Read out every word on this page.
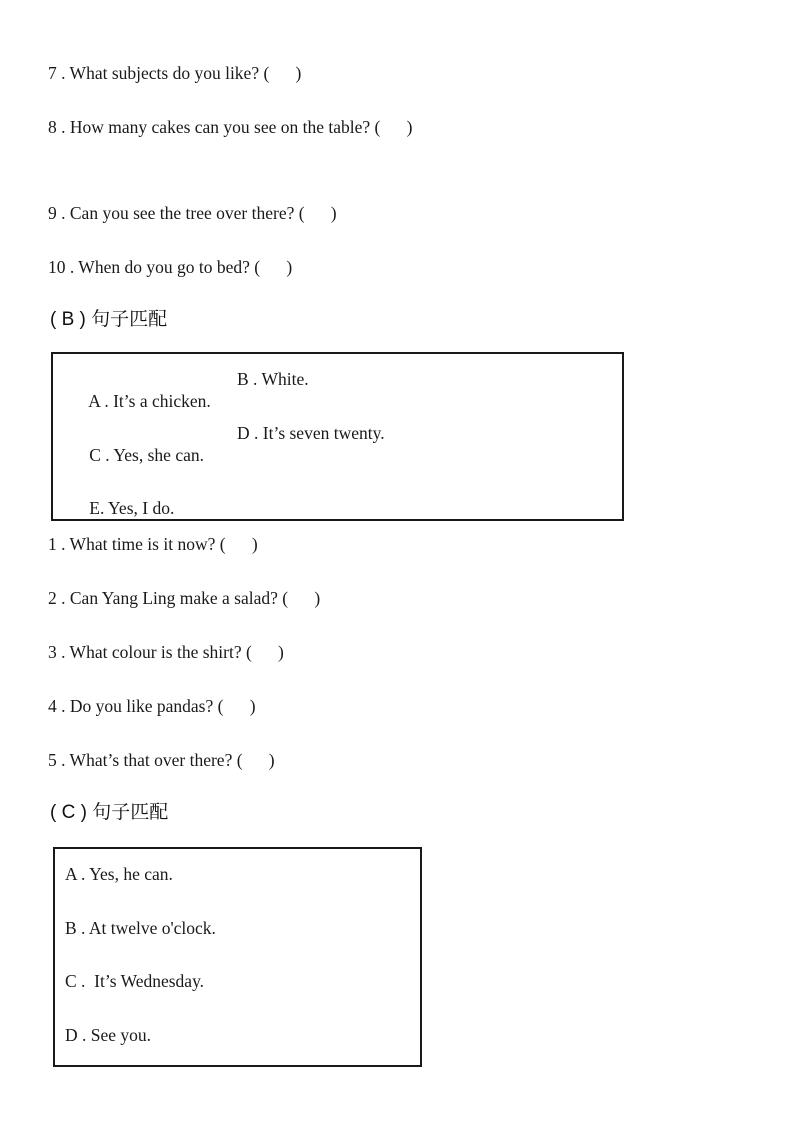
7 . What subjects do you like? (      )
8 . How many cakes can you see on the table? (      )
9 . Can you see the tree over there? (      )
10 . When do you go to bed? (      )
( B ) 句子匹配

A . It’s a chicken.

B . White.

C . Yes, she can.

D . It’s seven twenty.

E. Yes, I do.

1 . What time is it now? (      )
2 . Can Yang Ling make a salad? (      )
3 . What colour is the shirt? (      )
4 . Do you like pandas? (      )
5 . What’s that over there? (      )
( C ) 句子匹配
A . Yes, he can.
B . At twelve o'clock.
C .  It’s Wednesday.
D . See you.
